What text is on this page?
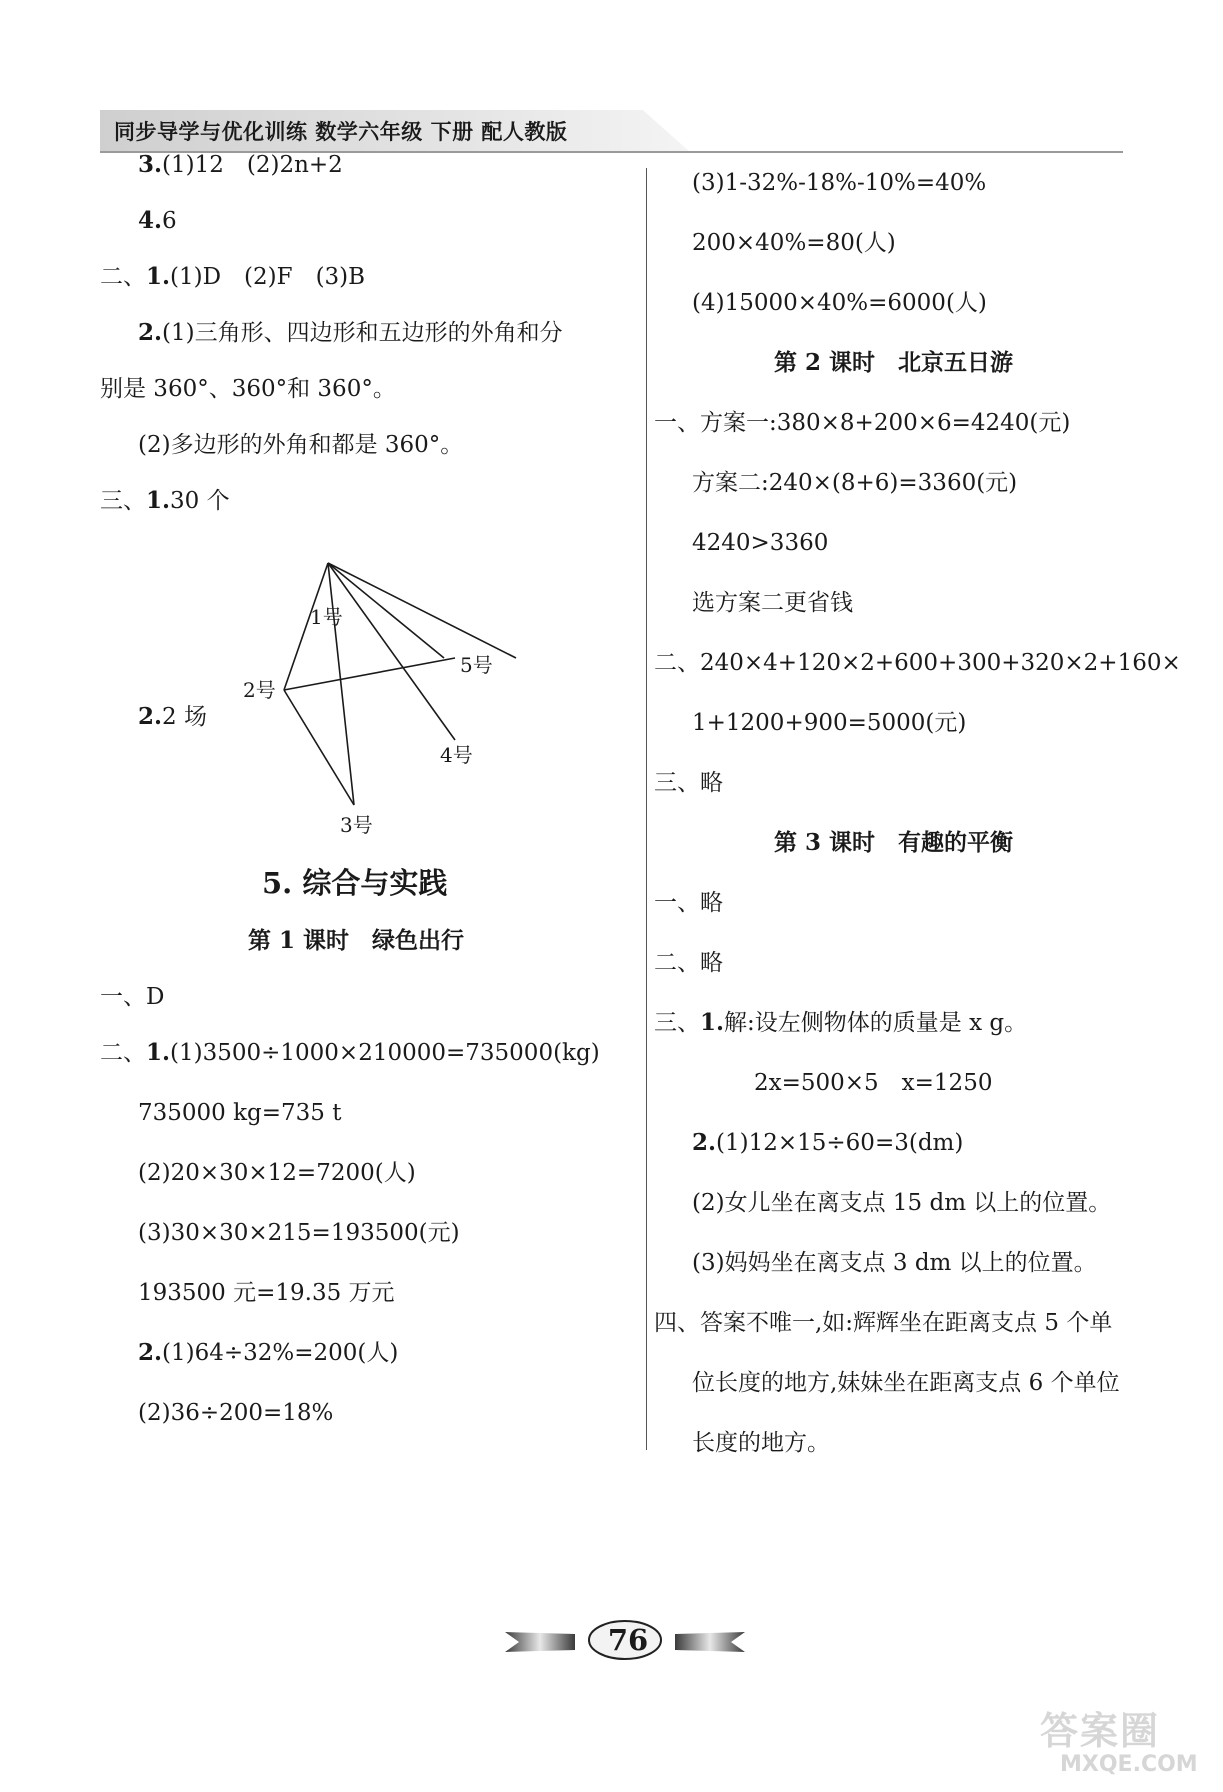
同步导学与优化训练 数学六年级 下册 配人教版
3.(1)12　(2)2n+2
4.6
二、1.(1)D　(2)F　(3)B
2.(1)三角形、四边形和五边形的外角和分
别是 360°、360°和 360°。
(2)多边形的外角和都是 360°。
三、1.30 个
1号
2号
3号
4号
5号
2.2 场
5. 综合与实践
第 1 课时　绿色出行
一、D
二、1.(1)3500÷1000×210000=735000(kg)
735000 kg=735 t
(2)20×30×12=7200(人)
(3)30×30×215=193500(元)
193500 元=19.35 万元
2.(1)64÷32%=200(人)
(2)36÷200=18%
(3)1-32%-18%-10%=40%
200×40%=80(人)
(4)15000×40%=6000(人)
第 2 课时　北京五日游
一、方案一:380×8+200×6=4240(元)
方案二:240×(8+6)=3360(元)
4240>3360
选方案二更省钱
二、240×4+120×2+600+300+320×2+160×
1+1200+900=5000(元)
三、略
第 3 课时　有趣的平衡
一、略
二、略
三、1.解:设左侧物体的质量是 x g。
2x=500×5　x=1250
2.(1)12×15÷60=3(dm)
(2)女儿坐在离支点 15 dm 以上的位置。
(3)妈妈坐在离支点 3 dm 以上的位置。
四、答案不唯一,如:辉辉坐在距离支点 5 个单
位长度的地方,妹妹坐在距离支点 6 个单位
长度的地方。
76
答案圈
MXQE.COM
